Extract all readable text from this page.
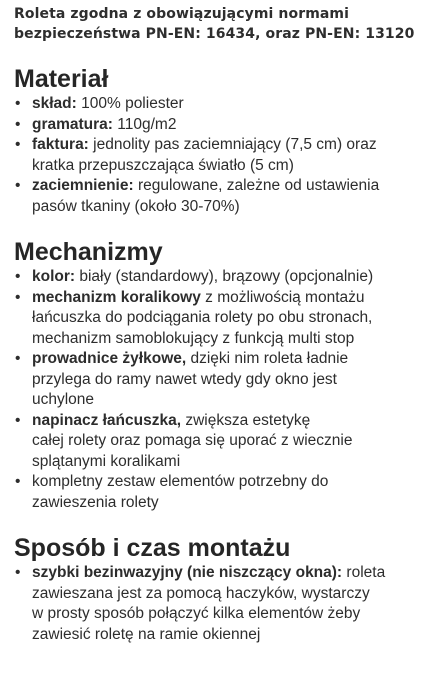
Roleta zgodna z obowiązującymi normami
bezpieczeństwa PN-EN: 16434, oraz PN-EN: 13120

Materiał
• skład: 100% poliester
• gramatura: 110g/m2
• faktura: jednolity pas zaciemniający (7,5 cm) oraz
kratka przepuszczająca światło (5 cm)
• zaciemnienie: regulowane, zależne od ustawienia
pasów tkaniny (około 30-70%)
Mechanizmy
• kolor: biały (standardowy), brązowy (opcjonalnie)
• mechanizm koralikowy z możliwością montażu
łańcuszka do podciągania rolety po obu stronach,
mechanizm samoblokujący z funkcją multi stop
• prowadnice żyłkowe, dzięki nim roleta ładnie
przylega do ramy nawet wtedy gdy okno jest
uchylone
• napinacz łańcuszka, zwiększa estetykę
całej rolety oraz pomaga się uporać z wiecznie
splątanymi koralikami
• kompletny zestaw elementów potrzebny do
zawieszenia rolety
Sposób i czas montażu
• szybki bezinwazyjny (nie niszczący okna): roleta
zawieszana jest za pomocą haczyków, wystarczy
w prosty sposób połączyć kilka elementów żeby
zawiesić roletę na ramie okiennej
